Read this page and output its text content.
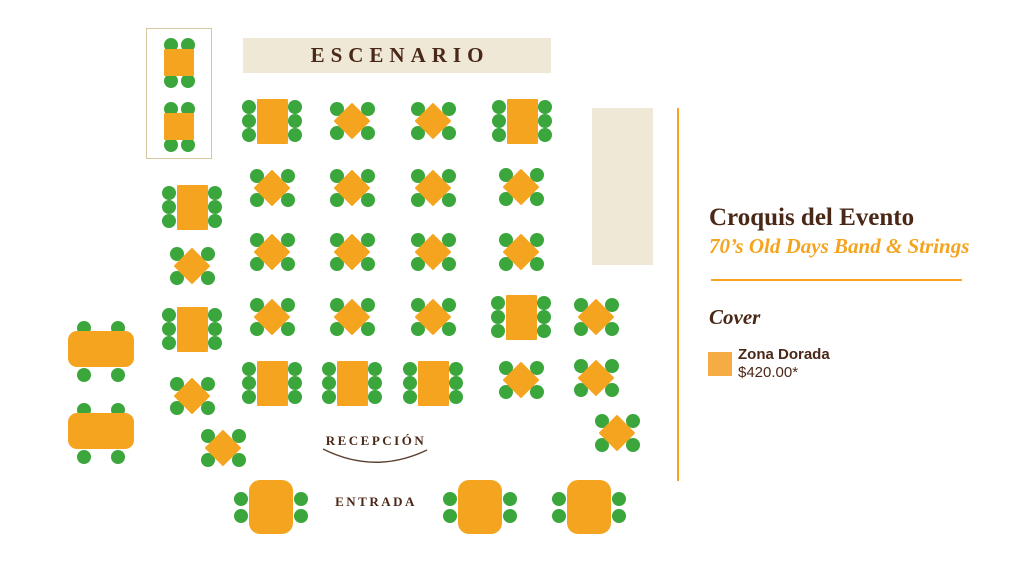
ESCENARIO
RECEPCIÓN
ENTRADA
Croquis del Evento
70’s Old Days Band & Strings
Cover
Zona Dorada
$420.00*
